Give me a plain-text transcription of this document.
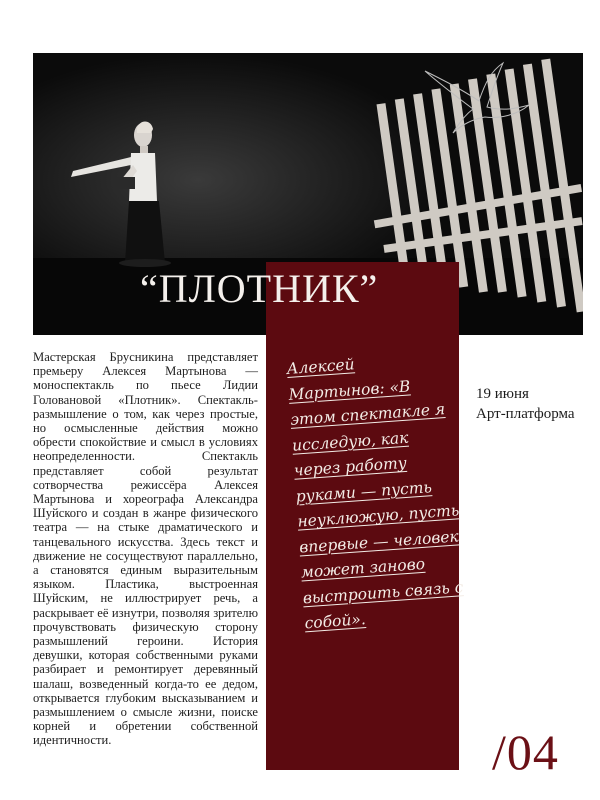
“ПЛОТНИК”
Алексей Мартынов: «В этом спектакле я исследую, как через работу руками — пусть неуклюжую, пусть впервые — человек может заново выстроить связь с собой».

Мастерская Брусникина представляет премьеру Алексея Мартынова — моноспектакль по пьесе Лидии Головановой «Плотник». Спектакль-размышление о том, как через простые, но осмысленные действия можно обрести спокойствие и смысл в условиях неопределенности. Спектакль представляет собой результат сотворчества режиссёра Алексея Мартынова и хореографа Александра Шуйского и создан в жанре физического театра — на стыке драматического и танцевального искусства. Здесь текст и движение не сосуществуют параллельно, а становятся единым выразительным языком. Пластика, выстроенная Шуйским, не иллюстрирует речь, а раскрывает её изнутри, позволяя зрителю прочувствовать физическую сторону размышлений героини. История девушки, которая собственными руками разбирает и ремонтирует деревянный шалаш, возведенный когда-то ее дедом, открывается глубоким высказыванием и размышлением о смысле жизни, поиске корней и обретении собственной идентичности.

19 июня

Арт-платформа

/04
